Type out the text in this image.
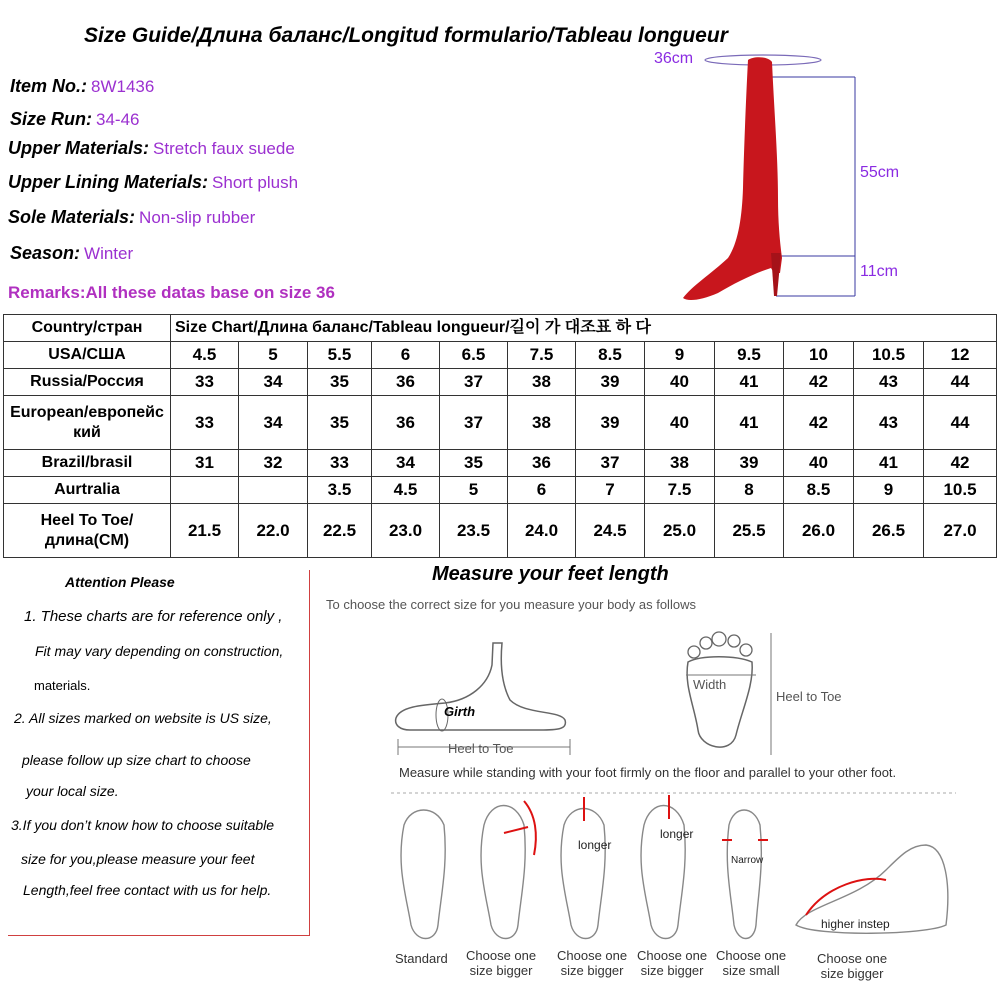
Size Guide/Длина баланс/Longitud formulario/Tableau longueur
Item No.: 8W1436
Size Run: 34-46
Upper Materials: Stretch faux suede
Upper Lining Materials: Short plush
Sole Materials: Non-slip rubber
Season: Winter
Remarks:All these datas base on size 36
36cm
55cm
11cm
Country/стран	Size Chart/Длина баланс/Tableau longueur/길이 가 대조표 하 다											
USA/США	4.5	5	5.5	6	6.5	7.5	8.5	9	9.5	10	10.5	12
Russia/Россия	33	34	35	36	37	38	39	40	41	42	43	44
European/европейский	33	34	35	36	37	38	39	40	41	42	43	44
Brazil/brasil	31	32	33	34	35	36	37	38	39	40	41	42
Aurtralia			3.5	4.5	5	6	7	7.5	8	8.5	9	10.5
Heel To Toe/длина(CM)	21.5	22.0	22.5	23.0	23.5	24.0	24.5	25.0	25.5	26.0	26.5	27.0
Attention Please
1. These charts are for reference only ,
Fit may vary depending on construction,
materials.
2. All sizes marked on website is US size,
please follow up size chart to choose
your local size.
3.If you don’t know how to choose suitable
size for you,please measure your feet
Length,feel free contact with us for help.
Measure your feet length
To choose the correct size for you measure your body as follows
Girth
Heel to Toe
Width
Heel to Toe
Measure while standing with your foot firmly on the floor and parallel to your other foot.
longer
longer
Narrow
higher instep
Standard Choose one
size bigger
Choose one
size bigger
Choose one
size bigger
Choose one
size small
Choose one
size bigger
